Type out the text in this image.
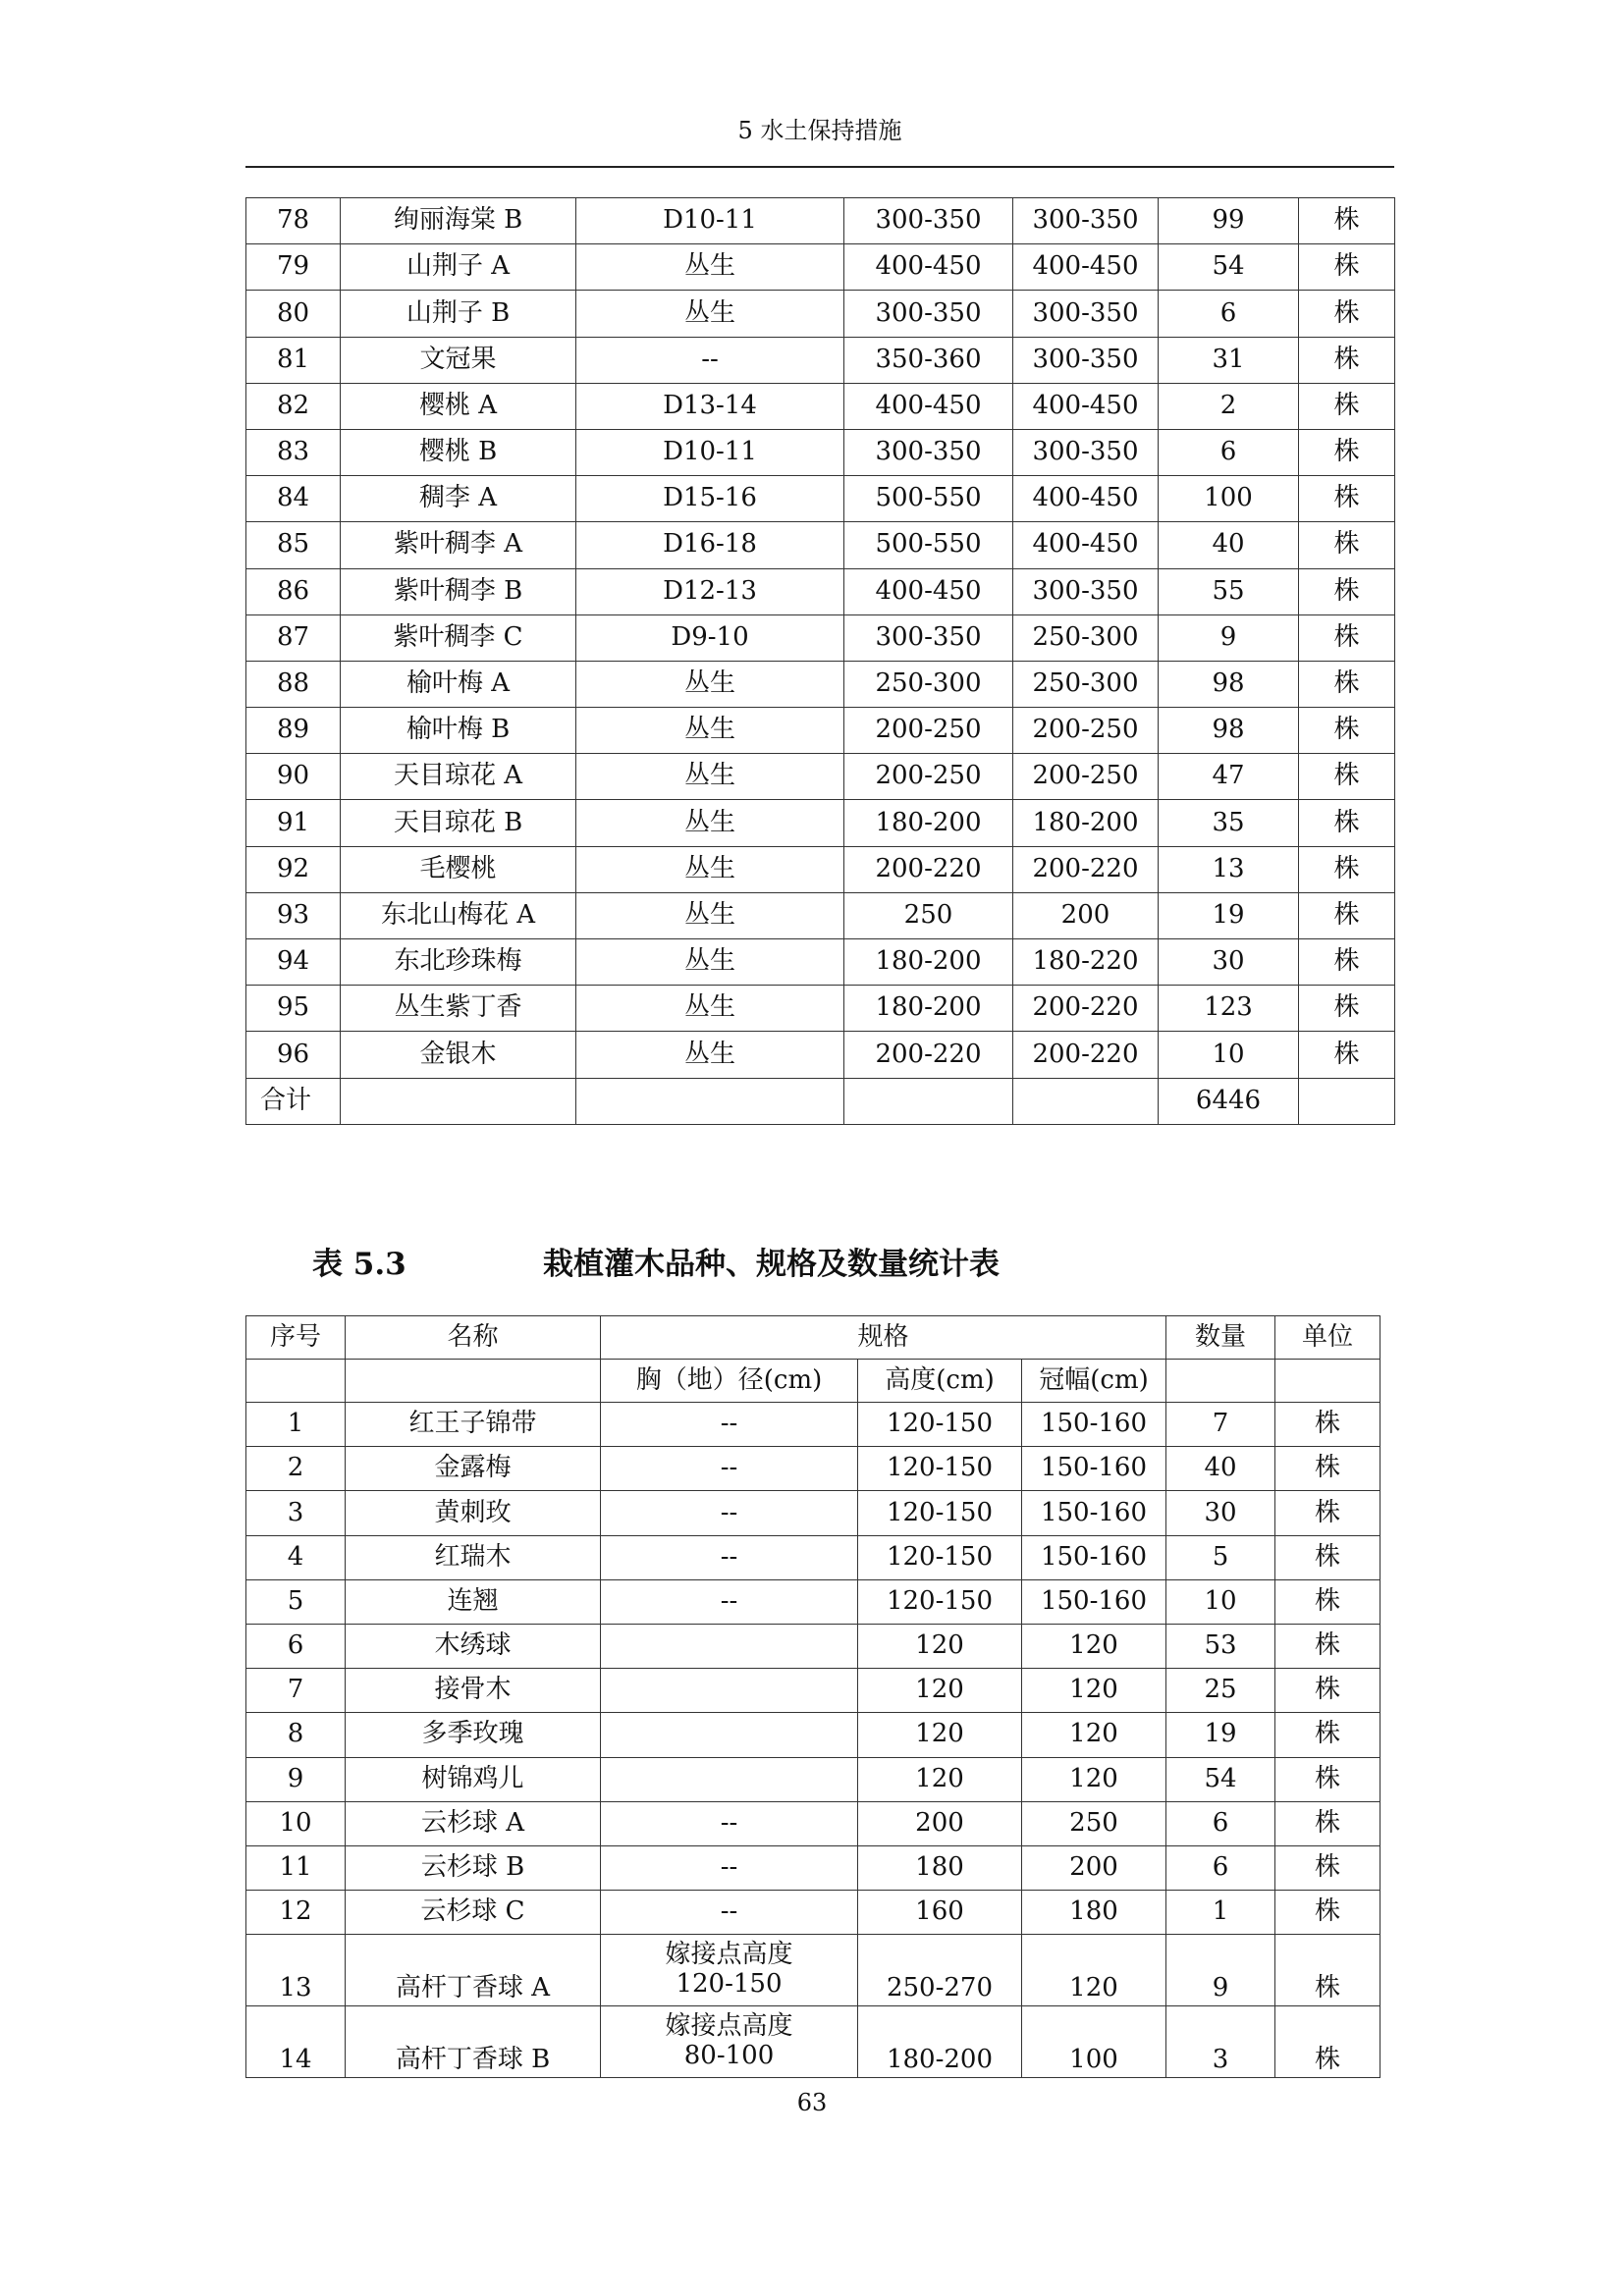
5 水土保持措施
78	绚丽海棠 B	D10-11	300-350	300-350	99	株
79	山荆子 A	丛生	400-450	400-450	54	株
80	山荆子 B	丛生	300-350	300-350	6	株
81	文冠果	--	350-360	300-350	31	株
82	樱桃 A	D13-14	400-450	400-450	2	株
83	樱桃 B	D10-11	300-350	300-350	6	株
84	稠李 A	D15-16	500-550	400-450	100	株
85	紫叶稠李 A	D16-18	500-550	400-450	40	株
86	紫叶稠李 B	D12-13	400-450	300-350	55	株
87	紫叶稠李 C	D9-10	300-350	250-300	9	株
88	榆叶梅 A	丛生	250-300	250-300	98	株
89	榆叶梅 B	丛生	200-250	200-250	98	株
90	天目琼花 A	丛生	200-250	200-250	47	株
91	天目琼花 B	丛生	180-200	180-200	35	株
92	毛樱桃	丛生	200-220	200-220	13	株
93	东北山梅花 A	丛生	250	200	19	株
94	东北珍珠梅	丛生	180-200	180-220	30	株
95	丛生紫丁香	丛生	180-200	200-220	123	株
96	金银木	丛生	200-220	200-220	10	株
合计					6446	
表 5.3	栽植灌木品种、规格及数量统计表
序号	名称	规格			数量	单位
		胸（地）径(cm)	高度(cm)	冠幅(cm)		
1	红王子锦带	--	120-150	150-160	7	株
2	金露梅	--	120-150	150-160	40	株
3	黄刺玫	--	120-150	150-160	30	株
4	红瑞木	--	120-150	150-160	5	株
5	连翘	--	120-150	150-160	10	株
6	木绣球		120	120	53	株
7	接骨木		120	120	25	株
8	多季玫瑰		120	120	19	株
9	树锦鸡儿		120	120	54	株
10	云杉球 A	--	200	250	6	株
11	云杉球 B	--	180	200	6	株
12	云杉球 C	--	160	180	1	株
13	高杆丁香球 A	嫁接点高度
120-150	250-270	120	9	株
14	高杆丁香球 B	嫁接点高度
80-100	180-200	100	3	株
63
